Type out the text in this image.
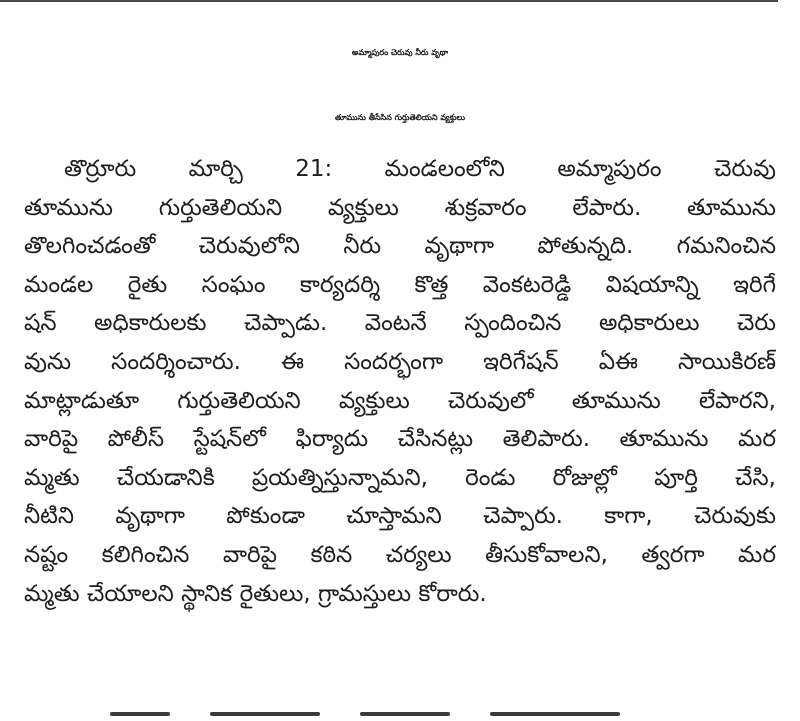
అమ్మాపురం చెరువు నీరు వృథా
తూమును తీసేసిన గుర్తుతెలియని వ్యక్తులు
తొర్రూరు మార్చి 21: మండలంలోని అమ్మాపురం చెరువు
తూమును గుర్తుతెలియని వ్యక్తులు శుక్రవారం లేపారు. తూమును
తొలగించడంతో చెరువులోని నీరు వృథాగా పోతున్నది. గమనించిన
మండల రైతు సంఘం కార్యదర్శి కొత్త వెంకటరెడ్డి విషయాన్ని ఇరిగే
షన్ అధికారులకు చెప్పాడు. వెంటనే స్పందించిన అధికారులు చెరు
వును సందర్శించారు. ఈ సందర్భంగా ఇరిగేషన్ ఏఈ సాయికిరణ్
మాట్లాడుతూ గుర్తుతెలియని వ్యక్తులు చెరువులో తూమును లేపారని,
వారిపై పోలీస్ స్టేషన్‌లో ఫిర్యాదు చేసినట్లు తెలిపారు. తూమును మర
మ్మతు చేయడానికి ప్రయత్నిస్తున్నామని, రెండు రోజుల్లో పూర్తి చేసి,
నీటిని వృథాగా పోకుండా చూస్తామని చెప్పారు. కాగా, చెరువుకు
నష్టం కలిగించిన వారిపై కఠిన చర్యలు తీసుకోవాలని, త్వరగా మర
మ్మతు చేయాలని స్థానిక రైతులు, గ్రామస్తులు కోరారు.
